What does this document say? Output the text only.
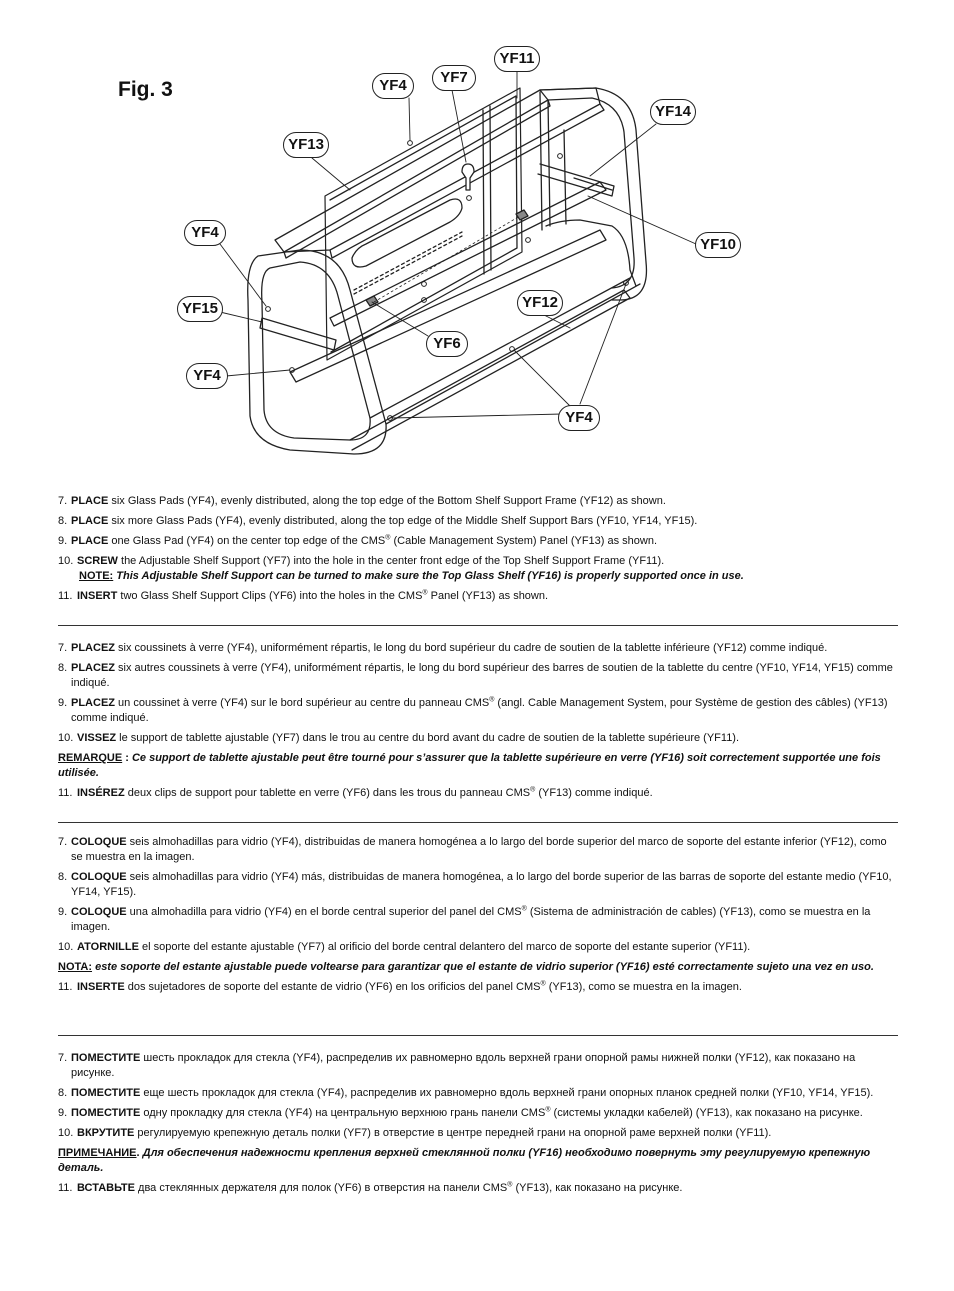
Fig. 3
YF11
YF7
YF4
YF14
YF13
YF4
YF10
YF15	YF12
YF6
YF4
YF4
7. PLACE six Glass Pads (YF4), evenly distributed, along the top edge of the Bottom Shelf Support Frame (YF12) as shown.
8. PLACE six more Glass Pads (YF4), evenly distributed, along the top edge of the Middle Shelf Support Bars (YF10, YF14, YF15).
9. PLACE one Glass Pad (YF4) on the center top edge of the CMS® (Cable Management System) Panel (YF13) as shown.
10. SCREW the Adjustable Shelf Support (YF7) into the hole in the center front edge of the Top Shelf Support Frame (YF11).
NOTE: This Adjustable Shelf Support can be turned to make sure the Top Glass Shelf (YF16) is properly supported once in use.
11. INSERT two Glass Shelf Support Clips (YF6) into the holes in the CMS® Panel (YF13) as shown.
7. PLACEZ six coussinets à verre (YF4), uniformément répartis, le long du bord supérieur du cadre de soutien de la tablette inférieure (YF12) comme indiqué.
8. PLACEZ six autres coussinets à verre (YF4), uniformément répartis, le long du bord supérieur des barres de soutien de la tablette du centre (YF10, YF14, YF15) comme indiqué.
9. PLACEZ un coussinet à verre (YF4) sur le bord supérieur au centre du panneau CMS® (angl. Cable Management System, pour Système de gestion des câbles) (YF13) comme indiqué.
10. VISSEZ le support de tablette ajustable (YF7) dans le trou au centre du bord avant du cadre de soutien de la tablette supérieure (YF11).
REMARQUE : Ce support de tablette ajustable peut être tourné pour s’assurer que la tablette supérieure en verre (YF16) soit correctement supportée une fois utilisée.
11. INSÉREZ deux clips de support pour tablette en verre (YF6) dans les trous du panneau CMS® (YF13) comme indiqué.
7. COLOQUE seis almohadillas para vidrio (YF4), distribuidas de manera homogénea a lo largo del borde superior del marco de soporte del estante inferior (YF12), como se muestra en la imagen.
8. COLOQUE seis almohadillas para vidrio (YF4) más, distribuidas de manera homogénea, a lo largo del borde superior de las barras de soporte del estante medio (YF10, YF14, YF15).
9. COLOQUE una almohadilla para vidrio (YF4) en el borde central superior del panel del CMS® (Sistema de administración de cables) (YF13), como se muestra en la imagen.
10. ATORNILLE el soporte del estante ajustable (YF7) al orificio del borde central delantero del marco de soporte del estante superior (YF11).
NOTA: este soporte del estante ajustable puede voltearse para garantizar que el estante de vidrio superior (YF16) esté correctamente sujeto una vez en uso.
11. INSERTE dos sujetadores de soporte del estante de vidrio (YF6) en los orificios del panel CMS® (YF13), como se muestra en la imagen.
7. ПОМЕСТИТЕ шесть прокладок для стекла (YF4), распределив их равномерно вдоль верхней грани опорной рамы нижней полки (YF12), как показано на рисунке.
8. ПОМЕСТИТЕ еще шесть прокладок для стекла (YF4), распределив их равномерно вдоль верхней грани опорных планок средней полки (YF10, YF14, YF15).
9. ПОМЕСТИТЕ одну прокладку для стекла (YF4) на центральную верхнюю грань панели CMS® (системы укладки кабелей) (YF13), как показано на рисунке.
10. ВКРУТИТЕ регулируемую крепежную деталь полки (YF7) в отверстие в центре передней грани на опорной раме верхней полки (YF11).
ПРИМЕЧАНИЕ. Для обеспечения надежности крепления верхней стеклянной полки (YF16) необходимо повернуть эту регулируемую крепежную деталь.
11. ВСТАВЬТЕ два стеклянных держателя для полок (YF6) в отверстия на панели CMS® (YF13), как показано на рисунке.
